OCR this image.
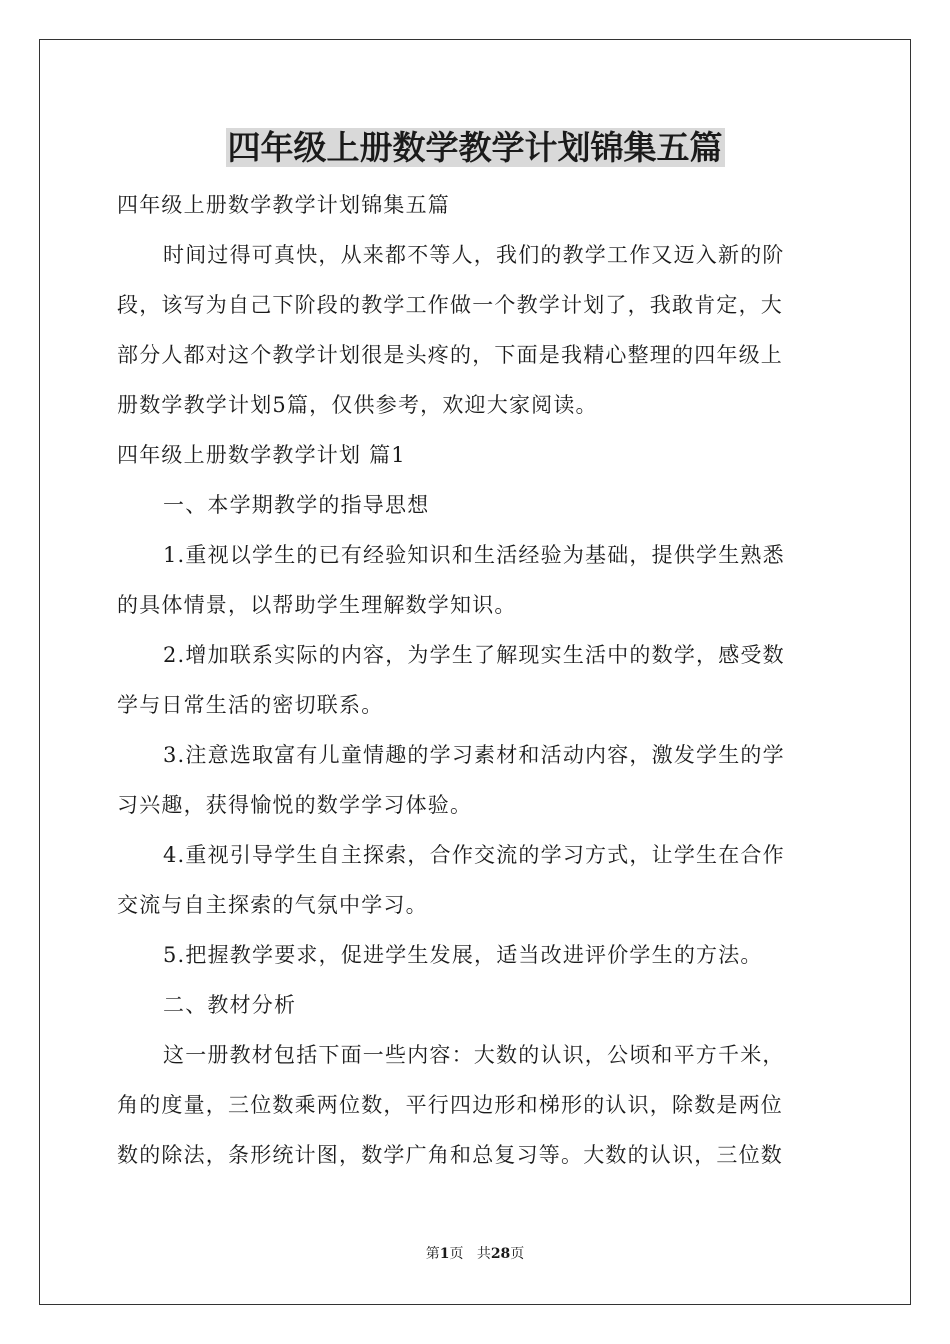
四年级上册数学教学计划锦集五篇
四年级上册数学教学计划锦集五篇
时间过得可真快，从来都不等人，我们的教学工作又迈入新的阶
段，该写为自己下阶段的教学工作做一个教学计划了，我敢肯定，大
部分人都对这个教学计划很是头疼的，下面是我精心整理的四年级上
册数学教学计划5篇，仅供参考，欢迎大家阅读。
四年级上册数学教学计划 篇1
一、本学期教学的指导思想
1.重视以学生的已有经验知识和生活经验为基础，提供学生熟悉
的具体情景，以帮助学生理解数学知识。
2.增加联系实际的内容，为学生了解现实生活中的数学，感受数
学与日常生活的密切联系。
3.注意选取富有儿童情趣的学习素材和活动内容，激发学生的学
习兴趣，获得愉悦的数学学习体验。
4.重视引导学生自主探索，合作交流的学习方式，让学生在合作
交流与自主探索的气氛中学习。
5.把握教学要求，促进学生发展，适当改进评价学生的方法。
二、教材分析
这一册教材包括下面一些内容：大数的认识，公顷和平方千米，
角的度量，三位数乘两位数，平行四边形和梯形的认识，除数是两位
数的除法，条形统计图，数学广角和总复习等。大数的认识，三位数
第1页 共28页
